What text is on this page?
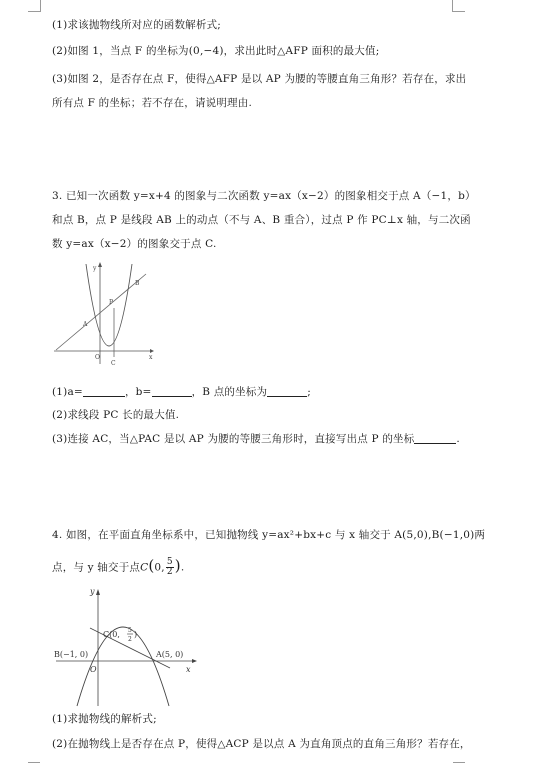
(1)求该抛物线所对应的函数解析式;
(2)如图 1，当点 F 的坐标为(0,−4)，求出此时△AFP 面积的最大值;
(3)如图 2，是否存在点 F，使得△AFP 是以 AP 为腰的等腰直角三角形？若存在，求出
所有点 F 的坐标；若不存在，请说明理由.
3. 已知一次函数 y=x+4 的图象与二次函数 y=ax（x−2）的图象相交于点 A（−1，b）
和点 B，点 P 是线段 AB 上的动点（不与 A、B 重合），过点 P 作 PC⊥x 轴，与二次函
数 y=ax（x−2）的图象交于点 C.
y
x
A
B
P
C
O
(1)a=	，b=	，B 点的坐标为	;
(2)求线段 PC 长的最大值.
(3)连接 AC，当△PAC 是以 AP 为腰的等腰三角形时，直接写出点 P 的坐标	.
4. 如图，在平面直角坐标系中，已知抛物线 y=ax²+bx+c 与 x 轴交于 A(5,0),B(−1,0)两
点，与 y 轴交于点C(0, $\frac{5}{2}$ ).
y
x
O
B(−1, 0)	A(5, 0)
C(0, 5
2
)
(1)求抛物线的解析式;
(2)在抛物线上是否存在点 P，使得△ACP 是以点 A 为直角顶点的直角三角形？若存在，
